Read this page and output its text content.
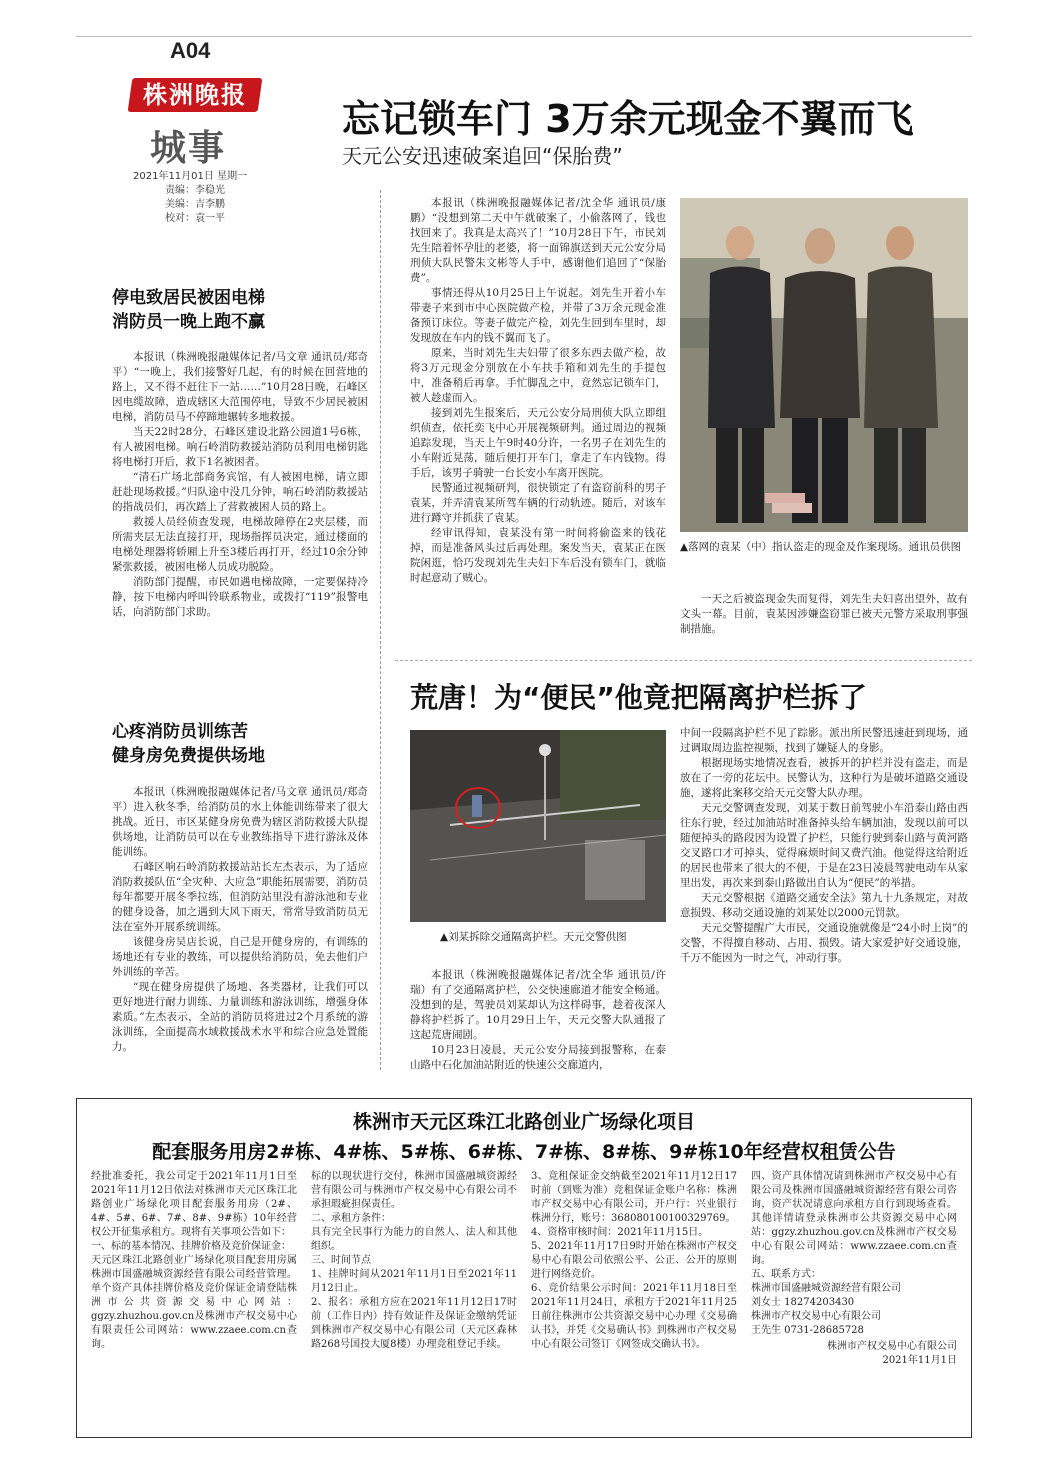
A04
株洲晚报
城事
2021年11月01日 星期一
责编：李稳光
美编：吉李鹏
校对：袁一平
忘记锁车门 3万余元现金不翼而飞
天元公安迅速破案追回“保胎费”
停电致居民被困电梯
消防员一晚上跑不赢

本报讯（株洲晚报融媒体记者/马文章 通讯员/郑奇平）“一晚上，我们接警好几起，有的时候在回营地的路上，又不得不赶往下一站……”10月28日晚，石峰区因电缆故障，造成辖区大范围停电，导致不少居民被困电梯，消防员马不停蹄地辗转多地救援。

当天22时28分，石峰区建设北路公园道1号6栋，有人被困电梯。响石岭消防救援站消防员利用电梯钥匙将电梯打开后，救下1名被困者。

“清石广场北部商务宾馆，有人被困电梯，请立即赶赴现场救援。”归队途中没几分钟，响石岭消防救援站的指战员们，再次踏上了营救被困人员的路上。

救援人员经侦查发现，电梯故障停在2夹层楼，而所需夹层无法直接打开，现场指挥员决定，通过楼面的电梯处理器将轿厢上升至3楼后再打开，经过10余分钟紧张救援，被困电梯人员成功脱险。

消防部门提醒，市民如遇电梯故障，一定要保持冷静，按下电梯内呼叫铃联系物业，或拨打“119”报警电话，向消防部门求助。

心疼消防员训练苦
健身房免费提供场地

本报讯（株洲晚报融媒体记者/马文章 通讯员/郑奇平）进入秋冬季，给消防员的水上体能训练带来了很大挑战。近日，市区某健身房免费为辖区消防救援大队提供场地，让消防员可以在专业教练指导下进行游泳及体能训练。

石峰区响石岭消防救援站站长左杰表示，为了适应消防救援队伍“全灾种、大应急”职能拓展需要，消防员每年都要开展冬季拉练，但消防站里没有游泳池和专业的健身设备，加之遇到大风下雨天，常常导致消防员无法在室外开展系统训练。

该健身房吴店长说，自己是开健身房的，有训练的场地还有专业的教练，可以提供给消防员，免去他们户外训练的辛苦。

“现在健身房提供了场地、各类器材，让我们可以更好地进行耐力训练、力量训练和游泳训练，增强身体素质。”左杰表示，全站的消防员将进过2个月系统的游泳训练，全面提高水域救援战术水平和综合应急处置能力。

本报讯（株洲晚报融媒体记者/沈全华 通讯员/康鹏）“没想到第二天中午就破案了，小偷落网了，钱也找回来了。我真是太高兴了！”10月28日下午，市民刘先生陪着怀孕肚的老婆，将一面锦旗送到天元公安分局刑侦大队民警朱文彬等人手中，感谢他们追回了“保胎费”。

事情还得从10月25日上午说起。刘先生开着小车带妻子来到市中心医院做产检，并带了3万余元现金准备预订床位。等妻子做完产检，刘先生回到车里时，却发现放在车内的钱不翼而飞了。

原来，当时刘先生夫妇带了很多东西去做产检，故将3万元现金分别放在小车扶手箱和刘先生的手提包中，准备稍后再拿。手忙脚乱之中，竟然忘记锁车门，被人趁虚而入。

接到刘先生报案后，天元公安分局刑侦大队立即组织侦查，依托奕飞中心开展视频研判。通过周边的视频追踪发现，当天上午9时40分许，一名男子在刘先生的小车附近晃荡，随后便打开车门，拿走了车内钱物。得手后，该男子骑驶一台长安小车离开医院。

民警通过视频研判，很快锁定了有盗窃前科的男子袁某，并弄清袁某所驾车辆的行动轨迹。随后，对该车进行蹲守并抓获了袁某。

经审讯得知，袁某没有第一时间将偷盗来的钱花掉，而是准备风头过后再处理。案发当天，袁某正在医院闲逛，恰巧发现刘先生夫妇下车后没有锁车门，就临时起意动了贼心。

▲落网的袁某（中）指认盗走的现金及作案现场。通讯员供图

一天之后被盗现金失而复得，刘先生夫妇喜出望外，故有文头一幕。目前，袁某因涉嫌盗窃罪已被天元警方采取刑事强制措施。

荒唐！为“便民”他竟把隔离护栏拆了
▲刘某拆除交通隔离护栏。天元交警供图

本报讯（株洲晚报融媒体记者/沈全华 通讯员/许瑞）有了交通隔离护栏，公交快速廊道才能安全畅通。没想到的是，驾驶员刘某却认为这样碍事，趁着夜深人静将护栏拆了。10月29日上午，天元交警大队通报了这起荒唐闹剧。

10月23日凌晨，天元公安分局接到报警称，在泰山路中石化加油站附近的快速公交廊道内，

中间一段隔离护栏不见了踪影。派出所民警迅速赶到现场，通过调取周边监控视频，找到了嫌疑人的身影。

根据现场实地情况查看，被拆开的护栏并没有盗走，而是放在了一旁的花坛中。民警认为，这种行为是破坏道路交通设施，遂将此案移交给天元交警大队办理。

天元交警调查发现，刘某于数日前驾驶小车沿泰山路由西往东行驶，经过加油站时准备掉头给车辆加油，发现以前可以随便掉头的路段因为设置了护栏，只能行驶到泰山路与黄河路交叉路口才可掉头，觉得麻烦时间又费汽油。他觉得这给附近的居民也带来了很大的不便，于是在23日凌晨驾驶电动车从家里出发，再次来到泰山路做出自认为“便民”的举措。

天元交警根据《道路交通安全法》第九十九条规定，对故意损毁、移动交通设施的刘某处以2000元罚款。

天元交警提醒广大市民，交通设施就像是“24小时上岗”的交警，不得擅自移动、占用、损毁。请大家爱护好交通设施，千万不能因为一时之气，冲动行事。

株洲市天元区珠江北路创业广场绿化项目
配套服务用房2#栋、4#栋、5#栋、6#栋、7#栋、8#栋、9#栋10年经营权租赁公告
经批准委托，我公司定于2021年11月1日至2021年11月12日依法对株洲市天元区珠江北路创业广场绿化项目配套服务用房（2#、4#、5#、6#、7#、8#、9#栋）10年经营权公开征集承租方。现将有关事项公告如下：
一、标的基本情况、挂牌价格及竞价保证金：
天元区珠江北路创业广场绿化项目配套用房属株洲市国盛融城资源经营有限公司经营管理。单个资产具体挂牌价格及竞价保证金请登陆株洲市公共资源交易中心网站：ggzy.zhuzhou.gov.cn及株洲市产权交易中心有限责任公司网站：www.zzaee.com.cn查询。
标的以现状进行交付，株洲市国盛融城资源经营有限公司与株洲市产权交易中心有限公司不承担瑕疵担保责任。
二、承租方条件：
具有完全民事行为能力的自然人、法人和其他组织。
三、时间节点
1、挂牌时间从2021年11月1日至2021年11月12日止。
2、报名：承租方应在2021年11月12日17时前（工作日内）持有效证件及保证金缴纳凭证到株洲市产权交易中心有限公司（天元区森林路268号国投大厦8楼）办理竞租登记手续。
3、竞租保证金交纳截至2021年11月12日17时前（到账为准）竞租保证金账户名称：株洲市产权交易中心有限公司，开户行：兴业银行株洲分行，账号：368080100100329769。
4、资格审核时间：2021年11月15日。
5、2021年11月17日9时开始在株洲市产权交易中心有限公司依照公平、公正、公开的原则进行网络竞价。
6、竞价结果公示时间：2021年11月18日至2021年11月24日，承租方于2021年11月25日前往株洲市公共资源交易中心办理《交易确认书》，并凭《交易确认书》到株洲市产权交易中心有限公司签订《网签成交确认书》。
四、资产具体情况请到株洲市产权交易中心有限公司及株洲市国盛融城资源经营有限公司咨询，资产状况请意向承租方自行到现场查看。其他详情请登录株洲市公共资源交易中心网站：ggzy.zhuzhou.gov.cn及株洲市产权交易中心有限公司网站：www.zzaee.com.cn查询。
五、联系方式：
株洲市国盛融城资源经营有限公司
刘女士 18274203430
株洲市产权交易中心有限公司
王先生 0731-28685728
株洲市产权交易中心有限公司
2021年11月1日
